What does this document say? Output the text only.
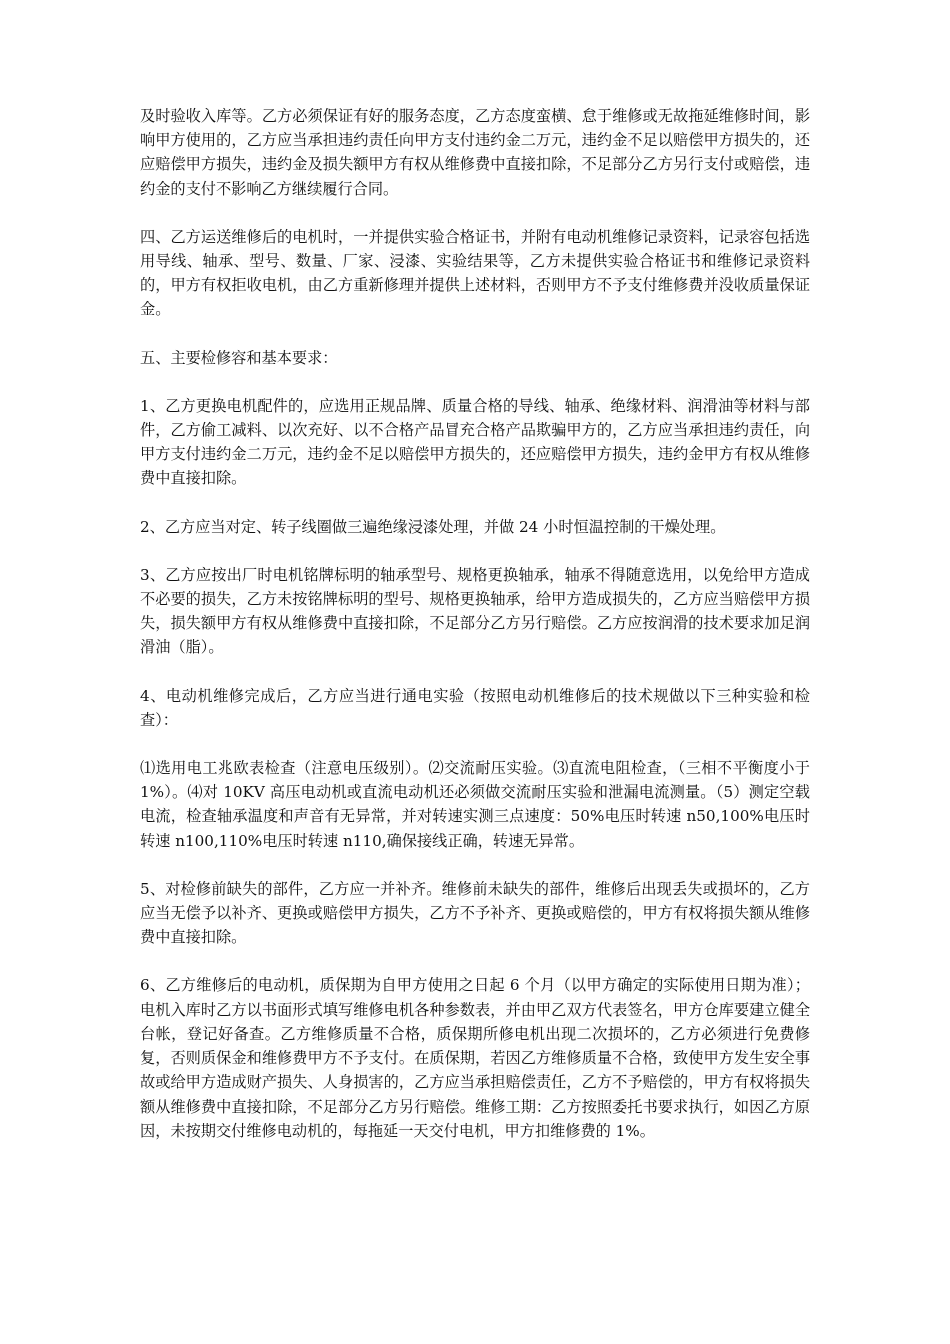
及时验收入库等。乙方必须保证有好的服务态度，乙方态度蛮横、怠于维修或无故拖延维修时间，影响甲方使用的，乙方应当承担违约责任向甲方支付违约金二万元，违约金不足以赔偿甲方损失的，还应赔偿甲方损失，违约金及损失额甲方有权从维修费中直接扣除，不足部分乙方另行支付或赔偿，违约金的支付不影响乙方继续履行合同。

四、乙方运送维修后的电机时，一并提供实验合格证书，并附有电动机维修记录资料，记录容包括选用导线、轴承、型号、数量、厂家、浸漆、实验结果等，乙方未提供实验合格证书和维修记录资料的，甲方有权拒收电机，由乙方重新修理并提供上述材料，否则甲方不予支付维修费并没收质量保证金。

五、主要检修容和基本要求：

1、乙方更换电机配件的，应选用正规品牌、质量合格的导线、轴承、绝缘材料、润滑油等材料与部件，乙方偷工减料、以次充好、以不合格产品冒充合格产品欺骗甲方的，乙方应当承担违约责任，向甲方支付违约金二万元，违约金不足以赔偿甲方损失的，还应赔偿甲方损失，违约金甲方有权从维修费中直接扣除。

2、乙方应当对定、转子线圈做三遍绝缘浸漆处理，并做 24 小时恒温控制的干燥处理。

3、乙方应按出厂时电机铭牌标明的轴承型号、规格更换轴承，轴承不得随意选用，以免给甲方造成不必要的损失，乙方未按铭牌标明的型号、规格更换轴承，给甲方造成损失的，乙方应当赔偿甲方损失，损失额甲方有权从维修费中直接扣除，不足部分乙方另行赔偿。乙方应按润滑的技术要求加足润滑油（脂）。

4、电动机维修完成后，乙方应当进行通电实验（按照电动机维修后的技术规做以下三种实验和检查）：

⑴选用电工兆欧表检查（注意电压级别）。⑵交流耐压实验。⑶直流电阻检查，（三相不平衡度小于 1%）。⑷对 10KV 高压电动机或直流电动机还必须做交流耐压实验和泄漏电流测量。（5）测定空载电流，检查轴承温度和声音有无异常，并对转速实测三点速度：50%电压时转速 n50,100%电压时转速 n100,110%电压时转速 n110,确保接线正确，转速无异常。

5、对检修前缺失的部件，乙方应一并补齐。维修前未缺失的部件，维修后出现丢失或损坏的，乙方应当无偿予以补齐、更换或赔偿甲方损失，乙方不予补齐、更换或赔偿的，甲方有权将损失额从维修费中直接扣除。

6、乙方维修后的电动机，质保期为自甲方使用之日起 6 个月（以甲方确定的实际使用日期为准）；电机入库时乙方以书面形式填写维修电机各种参数表，并由甲乙双方代表签名，甲方仓库要建立健全台帐，登记好备查。乙方维修质量不合格，质保期所修电机出现二次损坏的，乙方必须进行免费修复，否则质保金和维修费甲方不予支付。在质保期，若因乙方维修质量不合格，致使甲方发生安全事故或给甲方造成财产损失、人身损害的，乙方应当承担赔偿责任，乙方不予赔偿的，甲方有权将损失额从维修费中直接扣除，不足部分乙方另行赔偿。维修工期：乙方按照委托书要求执行，如因乙方原因，未按期交付维修电动机的，每拖延一天交付电机，甲方扣维修费的 1%。
